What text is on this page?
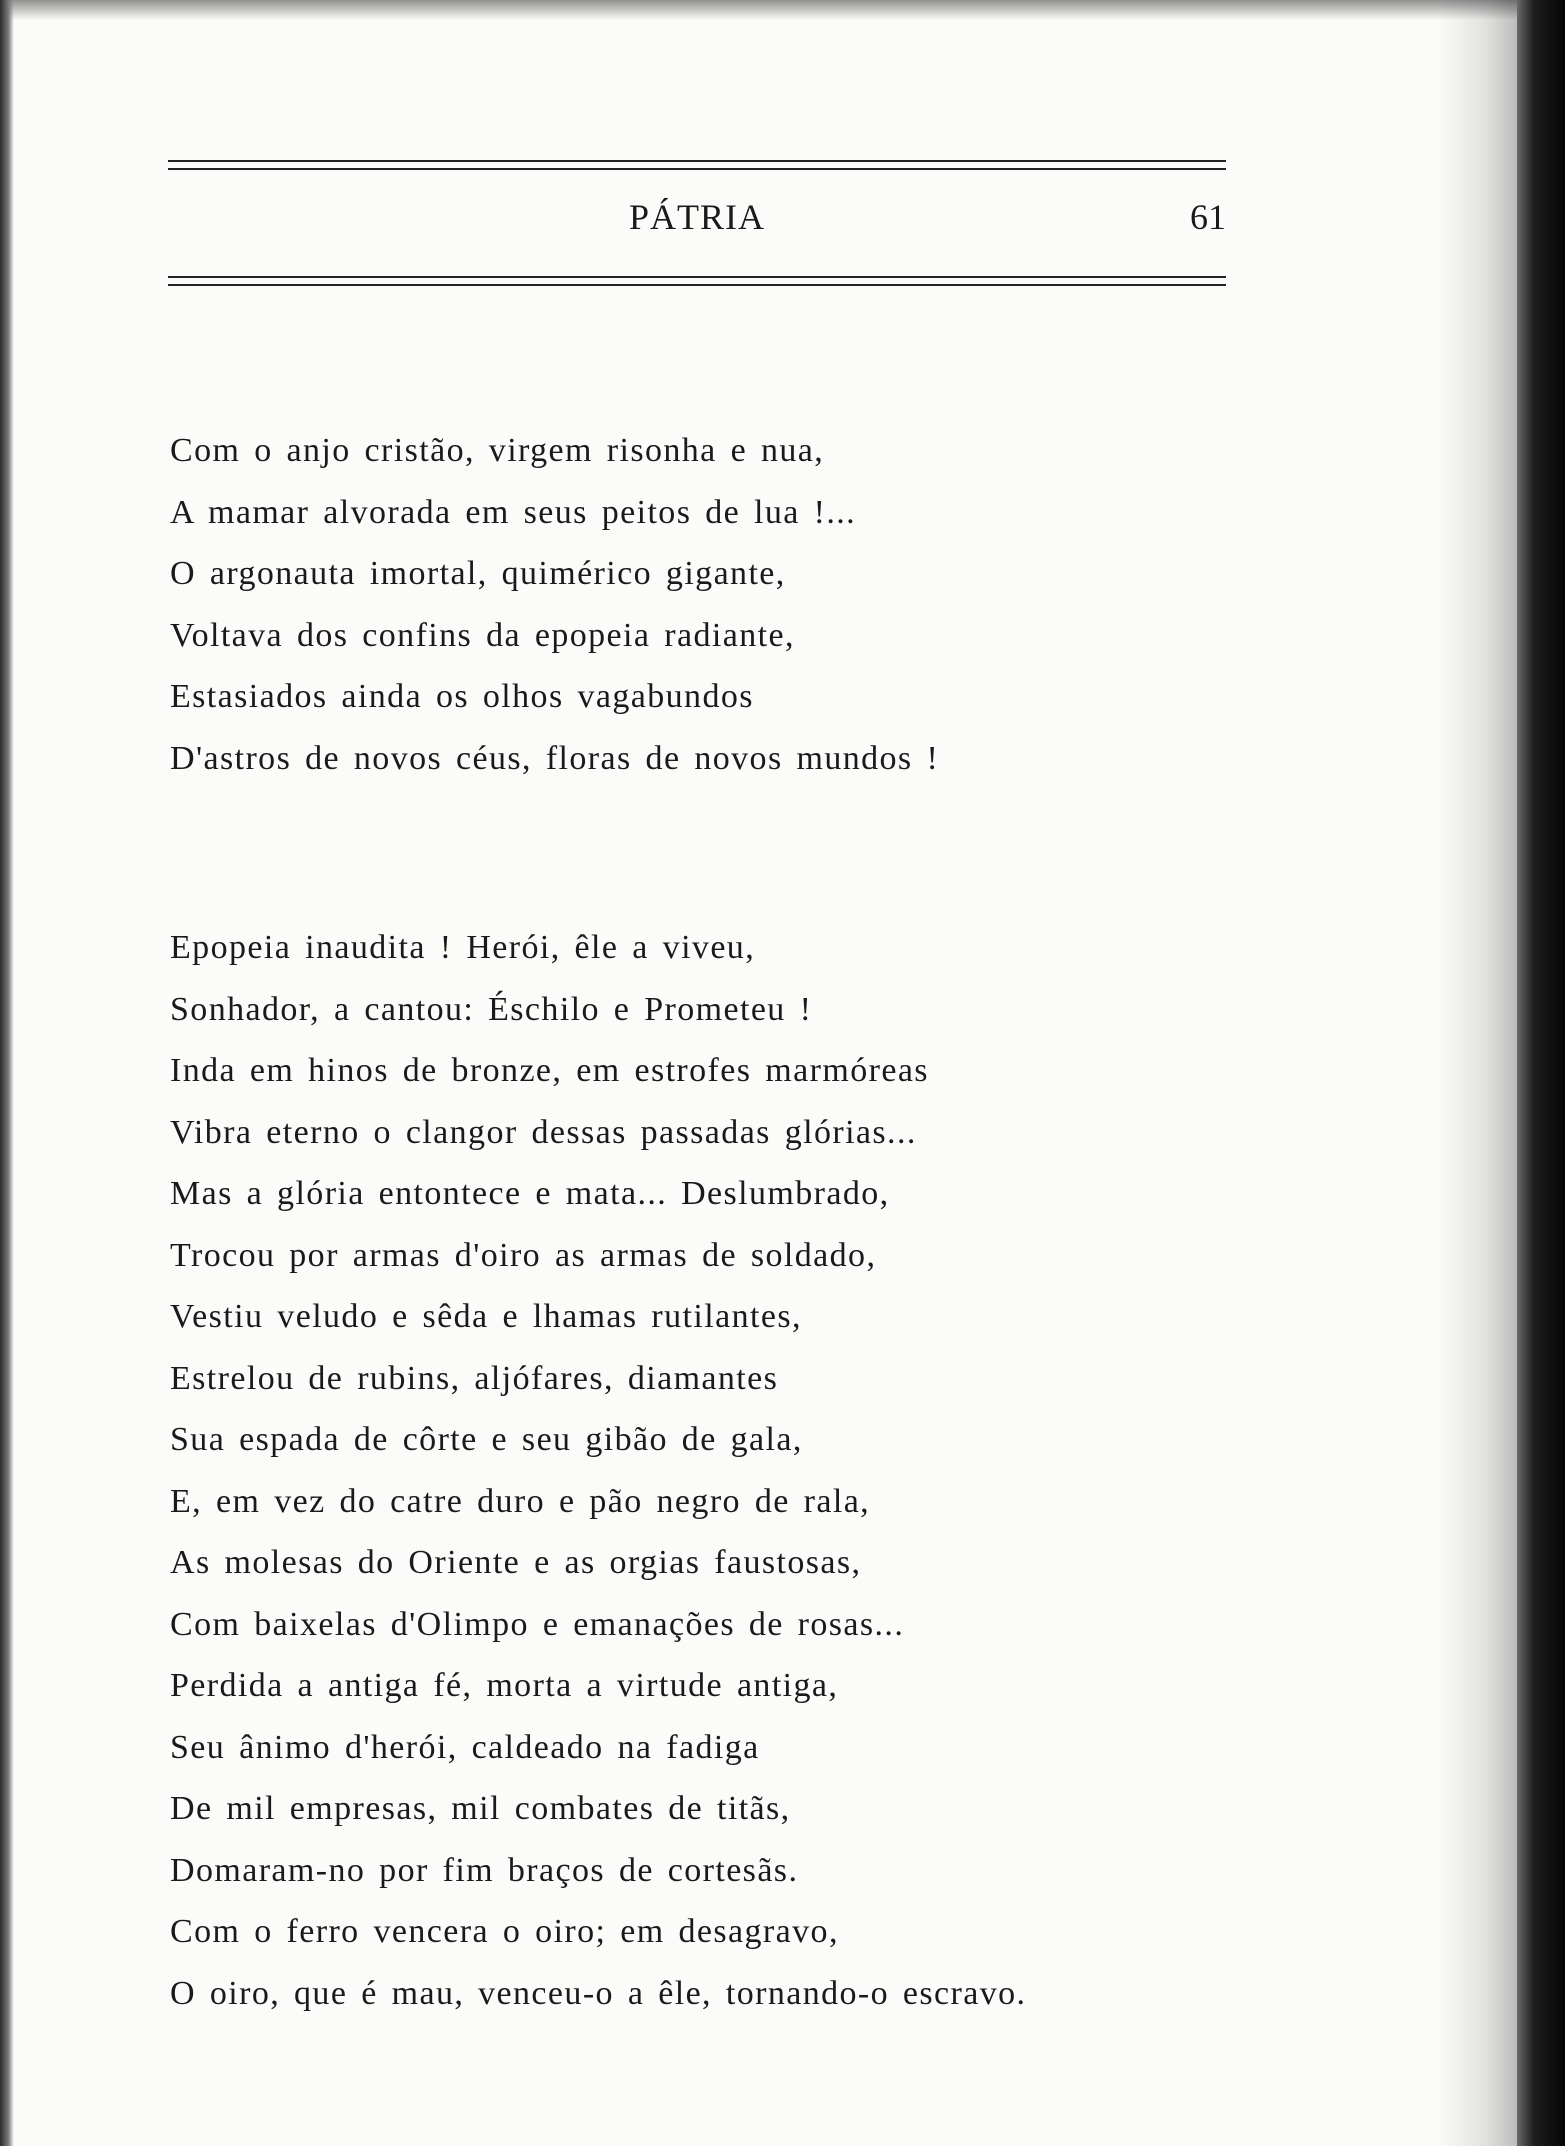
PÁTRIA	61
Com o anjo cristão, virgem risonha e nua,
A mamar alvorada em seus peitos de lua !...
O argonauta imortal, quimérico gigante,
Voltava dos confins da epopeia radiante,
Estasiados ainda os olhos vagabundos
D'astros de novos céus, floras de novos mundos !
Epopeia inaudita ! Herói, êle a viveu,
Sonhador, a cantou: Éschilo e Prometeu !
Inda em hinos de bronze, em estrofes marmóreas
Vibra eterno o clangor dessas passadas glórias...
Mas a glória entontece e mata... Deslumbrado,
Trocou por armas d'oiro as armas de soldado,
Vestiu veludo e sêda e lhamas rutilantes,
Estrelou de rubins, aljófares, diamantes
Sua espada de côrte e seu gibão de gala,
E, em vez do catre duro e pão negro de rala,
As molesas do Oriente e as orgias faustosas,
Com baixelas d'Olimpo e emanações de rosas...
Perdida a antiga fé, morta a virtude antiga,
Seu ânimo d'herói, caldeado na fadiga
De mil empresas, mil combates de titãs,
Domaram-no por fim braços de cortesãs.
Com o ferro vencera o oiro; em desagravo,
O oiro, que é mau, venceu-o a êle, tornando-o escravo.
